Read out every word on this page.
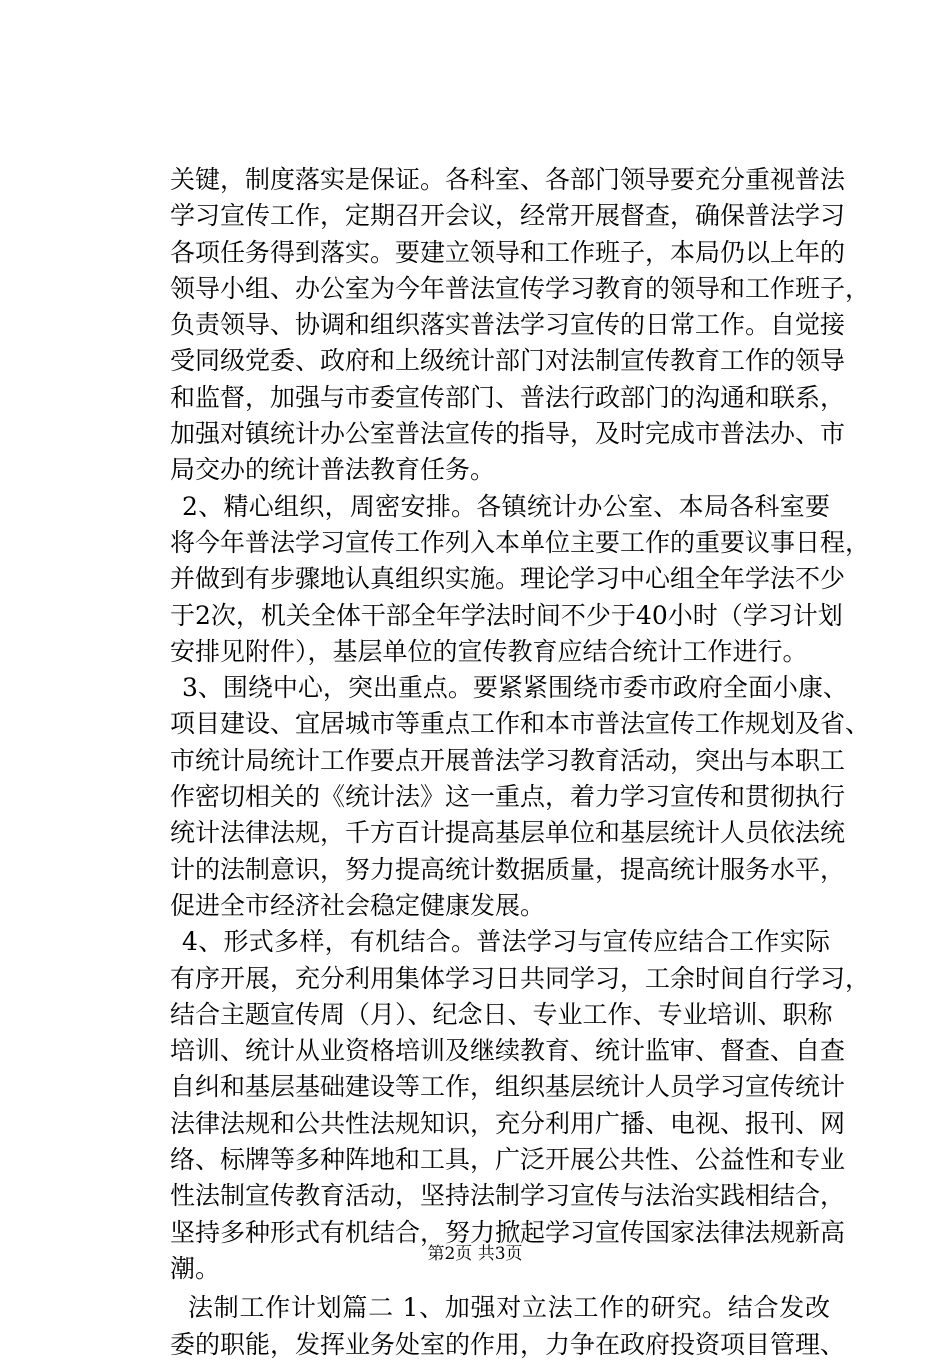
关键，制度落实是保证。各科室、各部门领导要充分重视普法
学习宣传工作，定期召开会议，经常开展督查，确保普法学习
各项任务得到落实。要建立领导和工作班子，本局仍以上年的
领导小组、办公室为今年普法宣传学习教育的领导和工作班子，
负责领导、协调和组织落实普法学习宣传的日常工作。自觉接
受同级党委、政府和上级统计部门对法制宣传教育工作的领导
和监督，加强与市委宣传部门、普法行政部门的沟通和联系，
加强对镇统计办公室普法宣传的指导，及时完成市普法办、市
局交办的统计普法教育任务。
2、精心组织，周密安排。各镇统计办公室、本局各科室要
将今年普法学习宣传工作列入本单位主要工作的重要议事日程，
并做到有步骤地认真组织实施。理论学习中心组全年学法不少
于2次，机关全体干部全年学法时间不少于40小时（学习计划
安排见附件），基层单位的宣传教育应结合统计工作进行。
3、围绕中心，突出重点。要紧紧围绕市委市政府全面小康、
项目建设、宜居城市等重点工作和本市普法宣传工作规划及省、
市统计局统计工作要点开展普法学习教育活动，突出与本职工
作密切相关的《统计法》这一重点，着力学习宣传和贯彻执行
统计法律法规，千方百计提高基层单位和基层统计人员依法统
计的法制意识，努力提高统计数据质量，提高统计服务水平，
促进全市经济社会稳定健康发展。
4、形式多样，有机结合。普法学习与宣传应结合工作实际
有序开展，充分利用集体学习日共同学习，工余时间自行学习，
结合主题宣传周（月）、纪念日、专业工作、专业培训、职称
培训、统计从业资格培训及继续教育、统计监审、督查、自查
自纠和基层基础建设等工作，组织基层统计人员学习宣传统计
法律法规和公共性法规知识，充分利用广播、电视、报刊、网
络、标牌等多种阵地和工具，广泛开展公共性、公益性和专业
性法制宣传教育活动，坚持法制学习宣传与法治实践相结合，
坚持多种形式有机结合，努力掀起学习宣传国家法律法规新高
潮。
法制工作计划篇二 1、加强对立法工作的研究。结合发改
委的职能，发挥业务处室的作用，力争在政府投资项目管理、
第2页 共3页
